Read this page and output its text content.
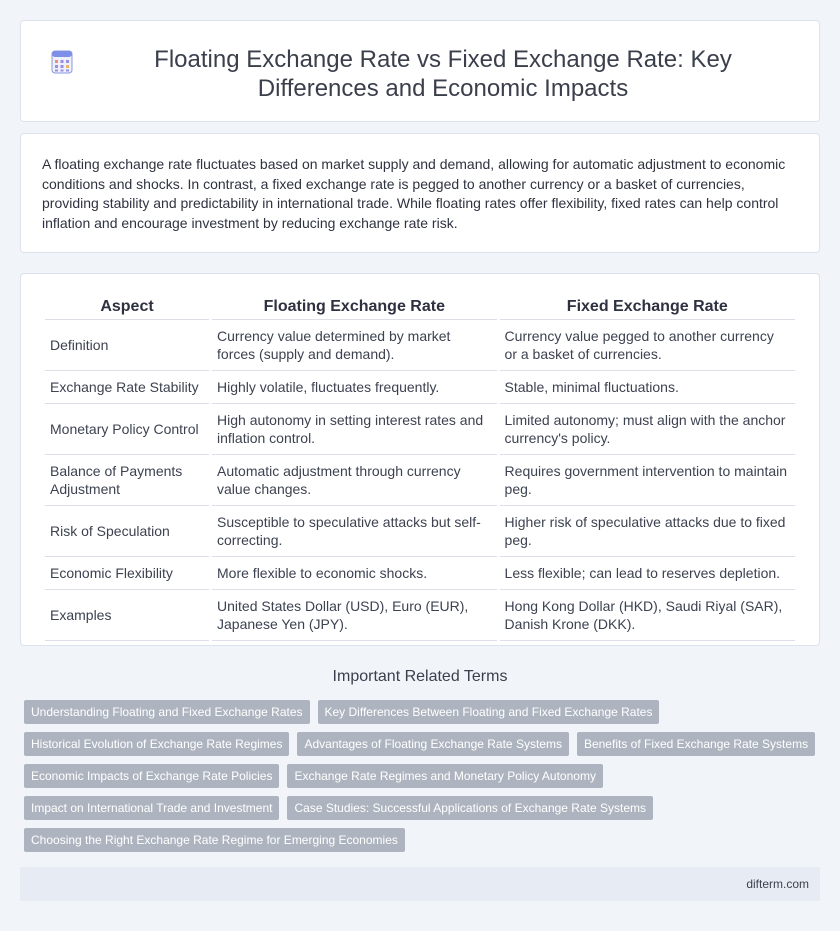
Floating Exchange Rate vs Fixed Exchange Rate: Key Differences and Economic Impacts

A floating exchange rate fluctuates based on market supply and demand, allowing for automatic adjustment to economic conditions and shocks. In contrast, a fixed exchange rate is pegged to another currency or a basket of currencies, providing stability and predictability in international trade. While floating rates offer flexibility, fixed rates can help control inflation and encourage investment by reducing exchange rate risk.

Aspect	Floating Exchange Rate	Fixed Exchange Rate
Definition	Currency value determined by market forces (supply and demand).	Currency value pegged to another currency or a basket of currencies.
Exchange Rate Stability	Highly volatile, fluctuates frequently.	Stable, minimal fluctuations.
Monetary Policy Control	High autonomy in setting interest rates and inflation control.	Limited autonomy; must align with the anchor currency's policy.
Balance of Payments Adjustment	Automatic adjustment through currency value changes.	Requires government intervention to maintain peg.
Risk of Speculation	Susceptible to speculative attacks but self-correcting.	Higher risk of speculative attacks due to fixed peg.
Economic Flexibility	More flexible to economic shocks.	Less flexible; can lead to reserves depletion.
Examples	United States Dollar (USD), Euro (EUR), Japanese Yen (JPY).	Hong Kong Dollar (HKD), Saudi Riyal (SAR), Danish Krone (DKK).
Important Related Terms
Understanding Floating and Fixed Exchange Rates	Key Differences Between Floating and Fixed Exchange Rates
Historical Evolution of Exchange Rate Regimes	Advantages of Floating Exchange Rate Systems	Benefits of Fixed Exchange Rate Systems
Economic Impacts of Exchange Rate Policies	Exchange Rate Regimes and Monetary Policy Autonomy
Impact on International Trade and Investment	Case Studies: Successful Applications of Exchange Rate Systems
Choosing the Right Exchange Rate Regime for Emerging Economies
difterm.com
